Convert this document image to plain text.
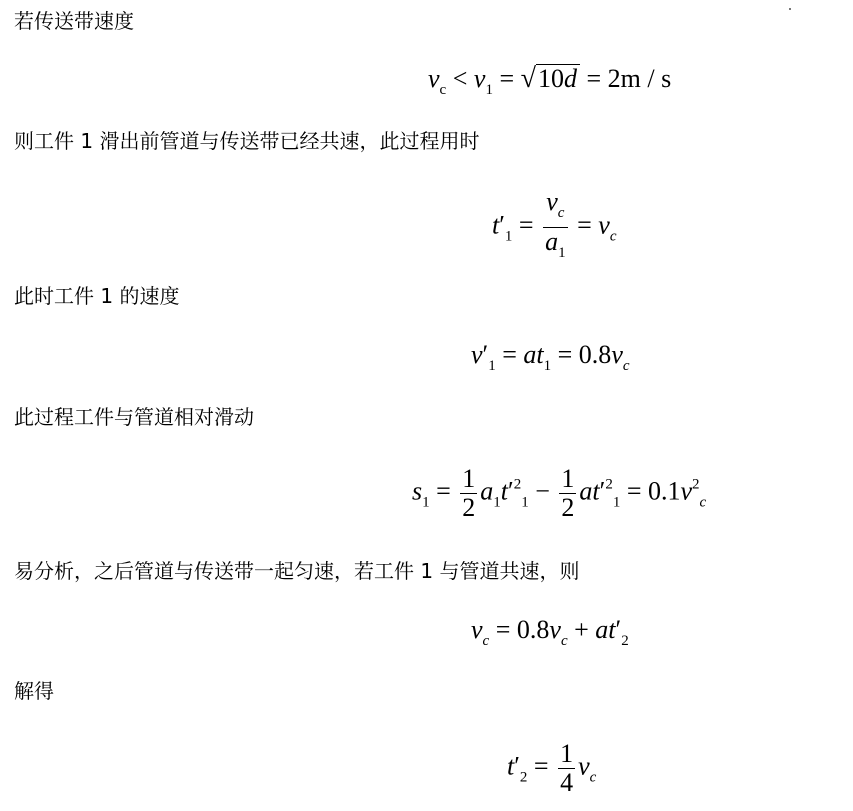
若传送带速度
$v_c < v_1 = √10d = 2m / s$
则工件 1 滑出前管道与传送带已经共速，此过程用时
$t'_1 = \frac{v_c}{a_1} = v_c$
此时工件 1 的速度
$v'_1 = at_1 = 0.8v_c$
此过程工件与管道相对滑动
$s_1 = \frac{1}{2} a_1t'^2_1 - \frac{1}{2} at'^2_1 = 0.1v^2_c$
易分析，之后管道与传送带一起匀速，若工件 1 与管道共速，则
$v_c = 0.8v_c + at'_2$
解得
$t'_2 = \frac{1}{4} v_c$
